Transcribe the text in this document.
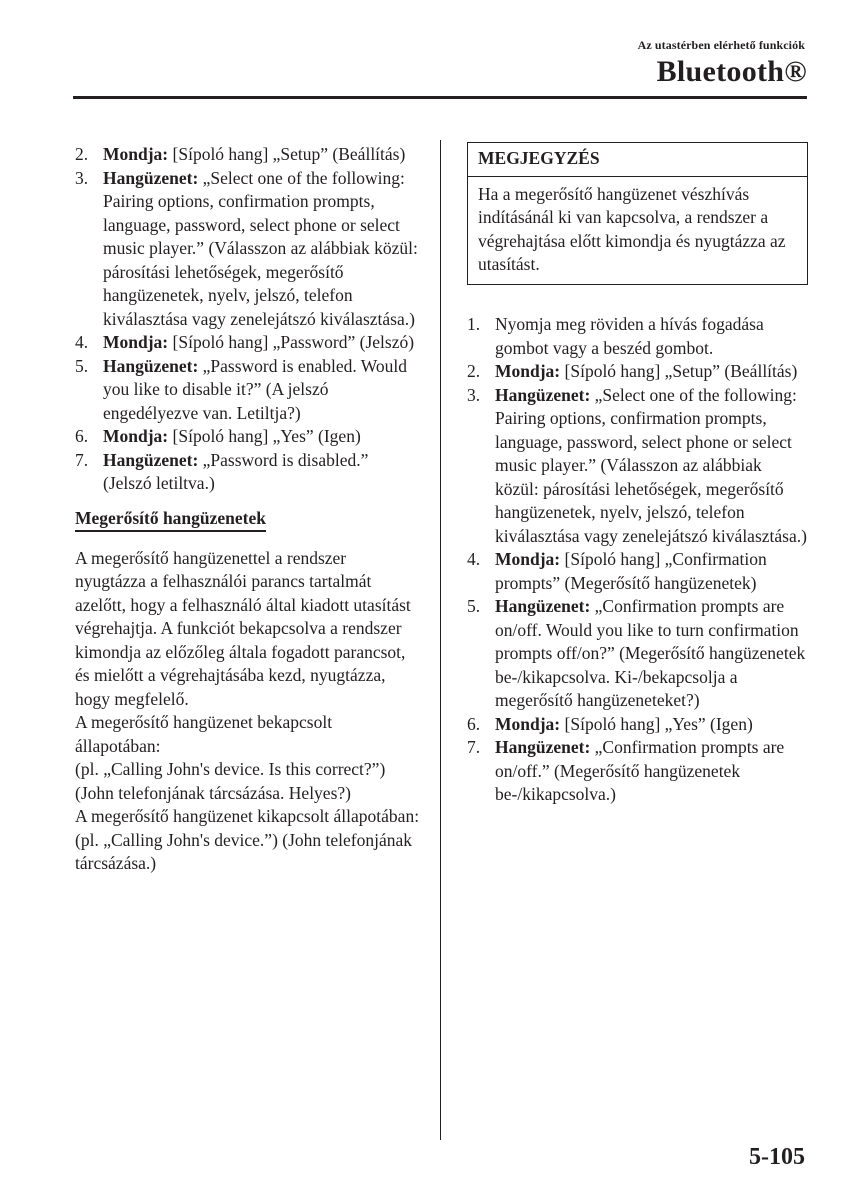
Az utastérben elérhető funkciók
Bluetooth®
2. Mondja: [Sípoló hang] „Setup” (Beállítás)
3. Hangüzenet: „Select one of the following: Pairing options, confirmation prompts, language, password, select phone or select music player.” (Válasszon az alábbiak közül: párosítási lehetőségek, megerősítő hangüzenetek, nyelv, jelszó, telefon kiválasztása vagy zenelejátszó kiválasztása.)
4. Mondja: [Sípoló hang] „Password” (Jelszó)
5. Hangüzenet: „Password is enabled. Would you like to disable it?” (A jelszó engedélyezve van. Letiltja?)
6. Mondja: [Sípoló hang] „Yes” (Igen)
7. Hangüzenet: „Password is disabled.” (Jelszó letiltva.)
Megerősítő hangüzenetek
A megerősítő hangüzenettel a rendszer nyugtázza a felhasználói parancs tartalmát azelőtt, hogy a felhasználó által kiadott utasítást végrehajtja. A funkciót bekapcsolva a rendszer kimondja az előzőleg általa fogadott parancsot, és mielőtt a végrehajtásába kezd, nyugtázza, hogy megfelelő.
A megerősítő hangüzenet bekapcsolt állapotában:
(pl. „Calling John's device. Is this correct?”) (John telefonjának tárcsázása. Helyes?)
A megerősítő hangüzenet kikapcsolt állapotában:
(pl. „Calling John's device.”) (John telefonjának tárcsázása.)
MEGJEGYZÉS
Ha a megerősítő hangüzenet vészhívás indításánál ki van kapcsolva, a rendszer a végrehajtása előtt kimondja és nyugtázza az utasítást.
1. Nyomja meg röviden a hívás fogadása gombot vagy a beszéd gombot.
2. Mondja: [Sípoló hang] „Setup” (Beállítás)
3. Hangüzenet: „Select one of the following: Pairing options, confirmation prompts, language, password, select phone or select music player.” (Válasszon az alábbiak közül: párosítási lehetőségek, megerősítő hangüzenetek, nyelv, jelszó, telefon kiválasztása vagy zenelejátszó kiválasztása.)
4. Mondja: [Sípoló hang] „Confirmation prompts” (Megerősítő hangüzenetek)
5. Hangüzenet: „Confirmation prompts are on/off. Would you like to turn confirmation prompts off/on?” (Megerősítő hangüzenetek be-/kikapcsolva. Ki-/bekapcsolja a megerősítő hangüzeneteket?)
6. Mondja: [Sípoló hang] „Yes” (Igen)
7. Hangüzenet: „Confirmation prompts are on/off.” (Megerősítő hangüzenetek be-/kikapcsolva.)
5-105
